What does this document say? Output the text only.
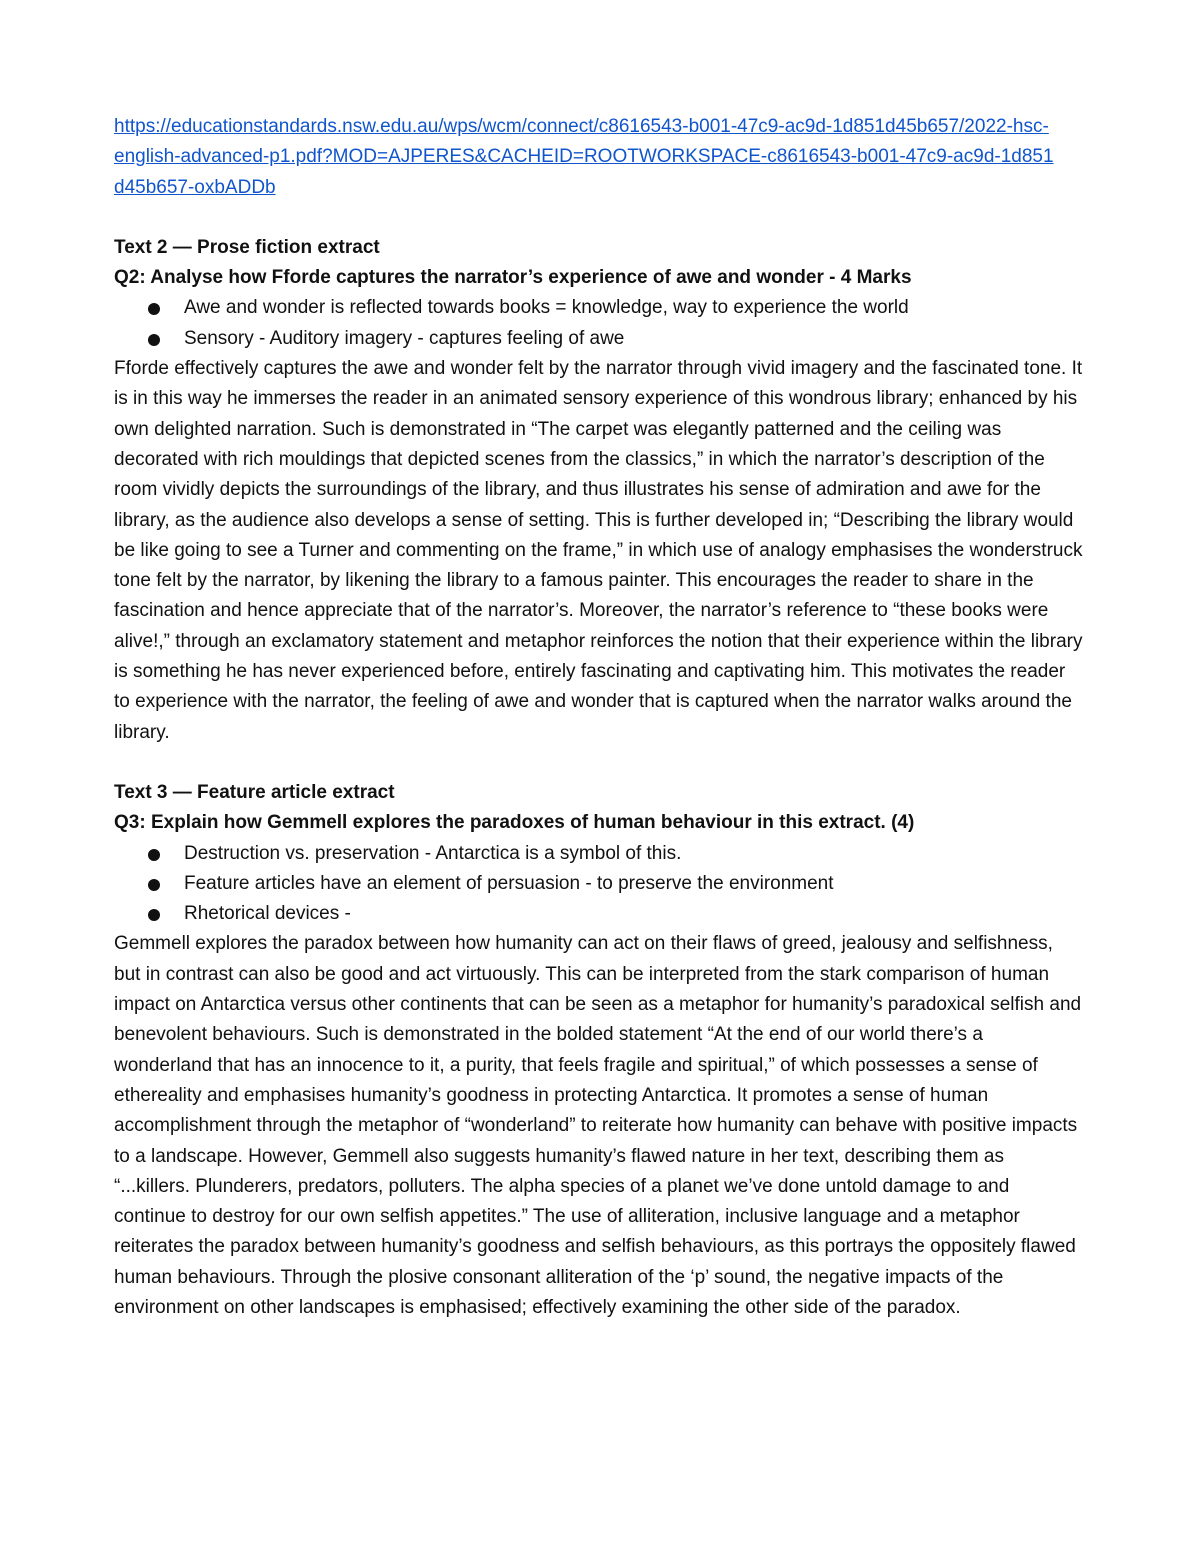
https://educationstandards.nsw.edu.au/wps/wcm/connect/c8616543-b001-47c9-ac9d-1d851d45b657/2022-hsc-english-advanced-p1.pdf?MOD=AJPERES&CACHEID=ROOTWORKSPACE-c8616543-b001-47c9-ac9d-1d851d45b657-oxbADDb
Text 2 — Prose fiction extract
Q2: Analyse how Fforde captures the narrator’s experience of awe and wonder - 4 Marks
Awe and wonder is reflected towards books = knowledge, way to experience the world
Sensory - Auditory imagery - captures feeling of awe

Fforde effectively captures the awe and wonder felt by the narrator through vivid imagery and the fascinated tone. It is in this way he immerses the reader in an animated sensory experience of this wondrous library; enhanced by his own delighted narration. Such is demonstrated in “The carpet was elegantly patterned and the ceiling was decorated with rich mouldings that depicted scenes from the classics,” in which the narrator’s description of the room vividly depicts the surroundings of the library, and thus illustrates his sense of admiration and awe for the library, as the audience also develops a sense of setting. This is further developed in; “Describing the library would be like going to see a Turner and commenting on the frame,” in which use of analogy emphasises the wonderstruck tone felt by the narrator, by likening the library to a famous painter. This encourages the reader to share in the fascination and hence appreciate that of the narrator’s. Moreover, the narrator’s reference to “these books were alive!,” through an exclamatory statement and metaphor reinforces the notion that their experience within the library is something he has never experienced before, entirely fascinating and captivating him. This motivates the reader to experience with the narrator, the feeling of awe and wonder that is captured when the narrator walks around the library.

Text 3 — Feature article extract
Q3: Explain how Gemmell explores the paradoxes of human behaviour in this extract. (4)
Destruction vs. preservation - Antarctica is a symbol of this.
Feature articles have an element of persuasion - to preserve the environment
Rhetorical devices -

Gemmell explores the paradox between how humanity can act on their flaws of greed, jealousy and selfishness, but in contrast can also be good and act virtuously. This can be interpreted from the stark comparison of human impact on Antarctica versus other continents that can be seen as a metaphor for humanity’s paradoxical selfish and benevolent behaviours. Such is demonstrated in the bolded statement “At the end of our world there’s a wonderland that has an innocence to it, a purity, that feels fragile and spiritual,” of which possesses a sense of ethereality and emphasises humanity’s goodness in protecting Antarctica. It promotes a sense of human accomplishment through the metaphor of “wonderland” to reiterate how humanity can behave with positive impacts to a landscape. However, Gemmell also suggests humanity’s flawed nature in her text, describing them as “...killers. Plunderers, predators, polluters. The alpha species of a planet we’ve done untold damage to and continue to destroy for our own selfish appetites.” The use of alliteration, inclusive language and a metaphor reiterates the paradox between humanity’s goodness and selfish behaviours, as this portrays the oppositely flawed human behaviours. Through the plosive consonant alliteration of the ‘p’ sound, the negative impacts of the environment on other landscapes is emphasised; effectively examining the other side of the paradox.
